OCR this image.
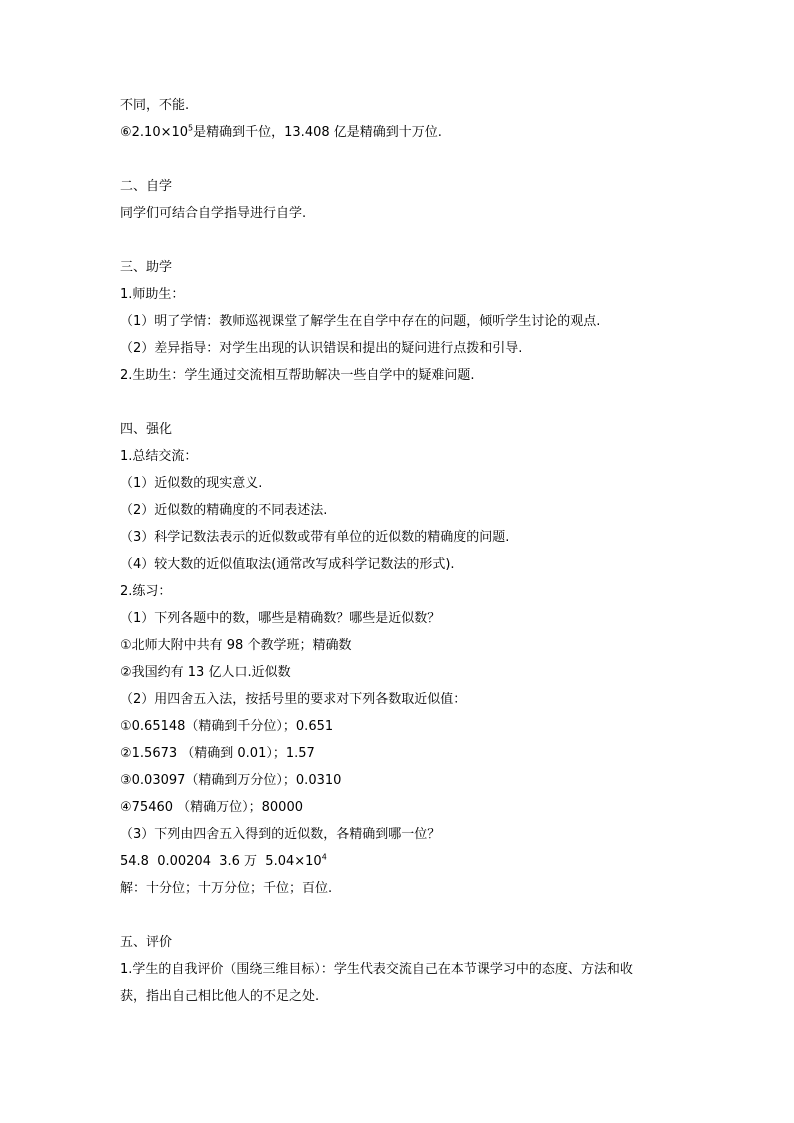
不同，不能.
$⑥2.10\times 10^5$是精确到千位，13.408 亿是精确到十万位.
二、自学
同学们可结合自学指导进行自学.
三、助学
1.师助生：
（1）明了学情：教师巡视课堂了解学生在自学中存在的问题，倾听学生讨论的观点.
（2）差异指导：对学生出现的认识错误和提出的疑问进行点拨和引导.
2.生助生：学生通过交流相互帮助解决一些自学中的疑难问题.
四、强化
1.总结交流：
（1）近似数的现实意义.
（2）近似数的精确度的不同表述法.
（3）科学记数法表示的近似数或带有单位的近似数的精确度的问题.
（4）较大数的近似值取法(通常改写成科学记数法的形式).
2.练习：
（1）下列各题中的数，哪些是精确数？哪些是近似数？
①北师大附中共有 98 个教学班；精确数
②我国约有 13 亿人口.近似数
（2）用四舍五入法，按括号里的要求对下列各数取近似值：
①0.65148（精确到千分位）；0.651
②1.5673 （精确到 0.01）；1.57
③0.03097（精确到万分位）；0.0310
④75460 （精确万位）；80000
（3）下列由四舍五入得到的近似数，各精确到哪一位？
54.8  0.00204  3.6 万  $5.04\times 10^4$
解：十分位；十万分位；千位；百位.
五、评价
1.学生的自我评价（围绕三维目标）：学生代表交流自己在本节课学习中的态度、方法和收
获，指出自己相比他人的不足之处.
